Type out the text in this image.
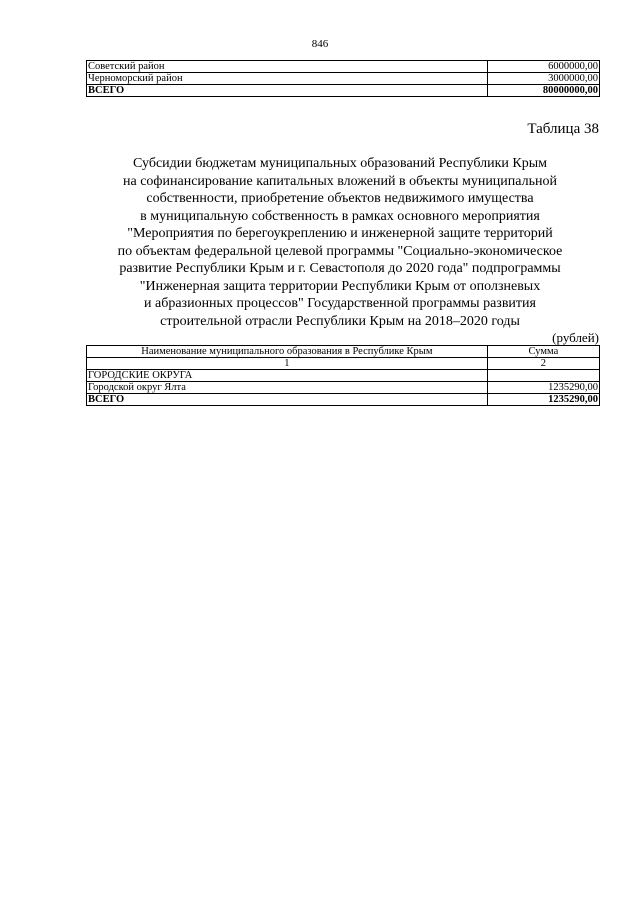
846
Советский район	6000000,00
Черноморский район	3000000,00
ВСЕГО	80000000,00
Таблица 38
Субсидии бюджетам муниципальных образований Республики Крым
на софинансирование капитальных вложений в объекты муниципальной
собственности, приобретение объектов недвижимого имущества
в муниципальную собственность в рамках основного мероприятия
"Мероприятия по берегоукреплению и инженерной защите территорий
по объектам федеральной целевой программы "Социально-экономическое
развитие Республики Крым и г. Севастополя до 2020 года" подпрограммы
"Инженерная защита территории Республики Крым от оползневых
и абразионных процессов" Государственной программы развития
строительной отрасли Республики Крым на 2018–2020 годы
(рублей)
Наименование муниципального образования в Республике Крым	Сумма
1	2
ГОРОДСКИЕ ОКРУГА	
Городской округ Ялта	1235290,00
ВСЕГО	1235290,00
